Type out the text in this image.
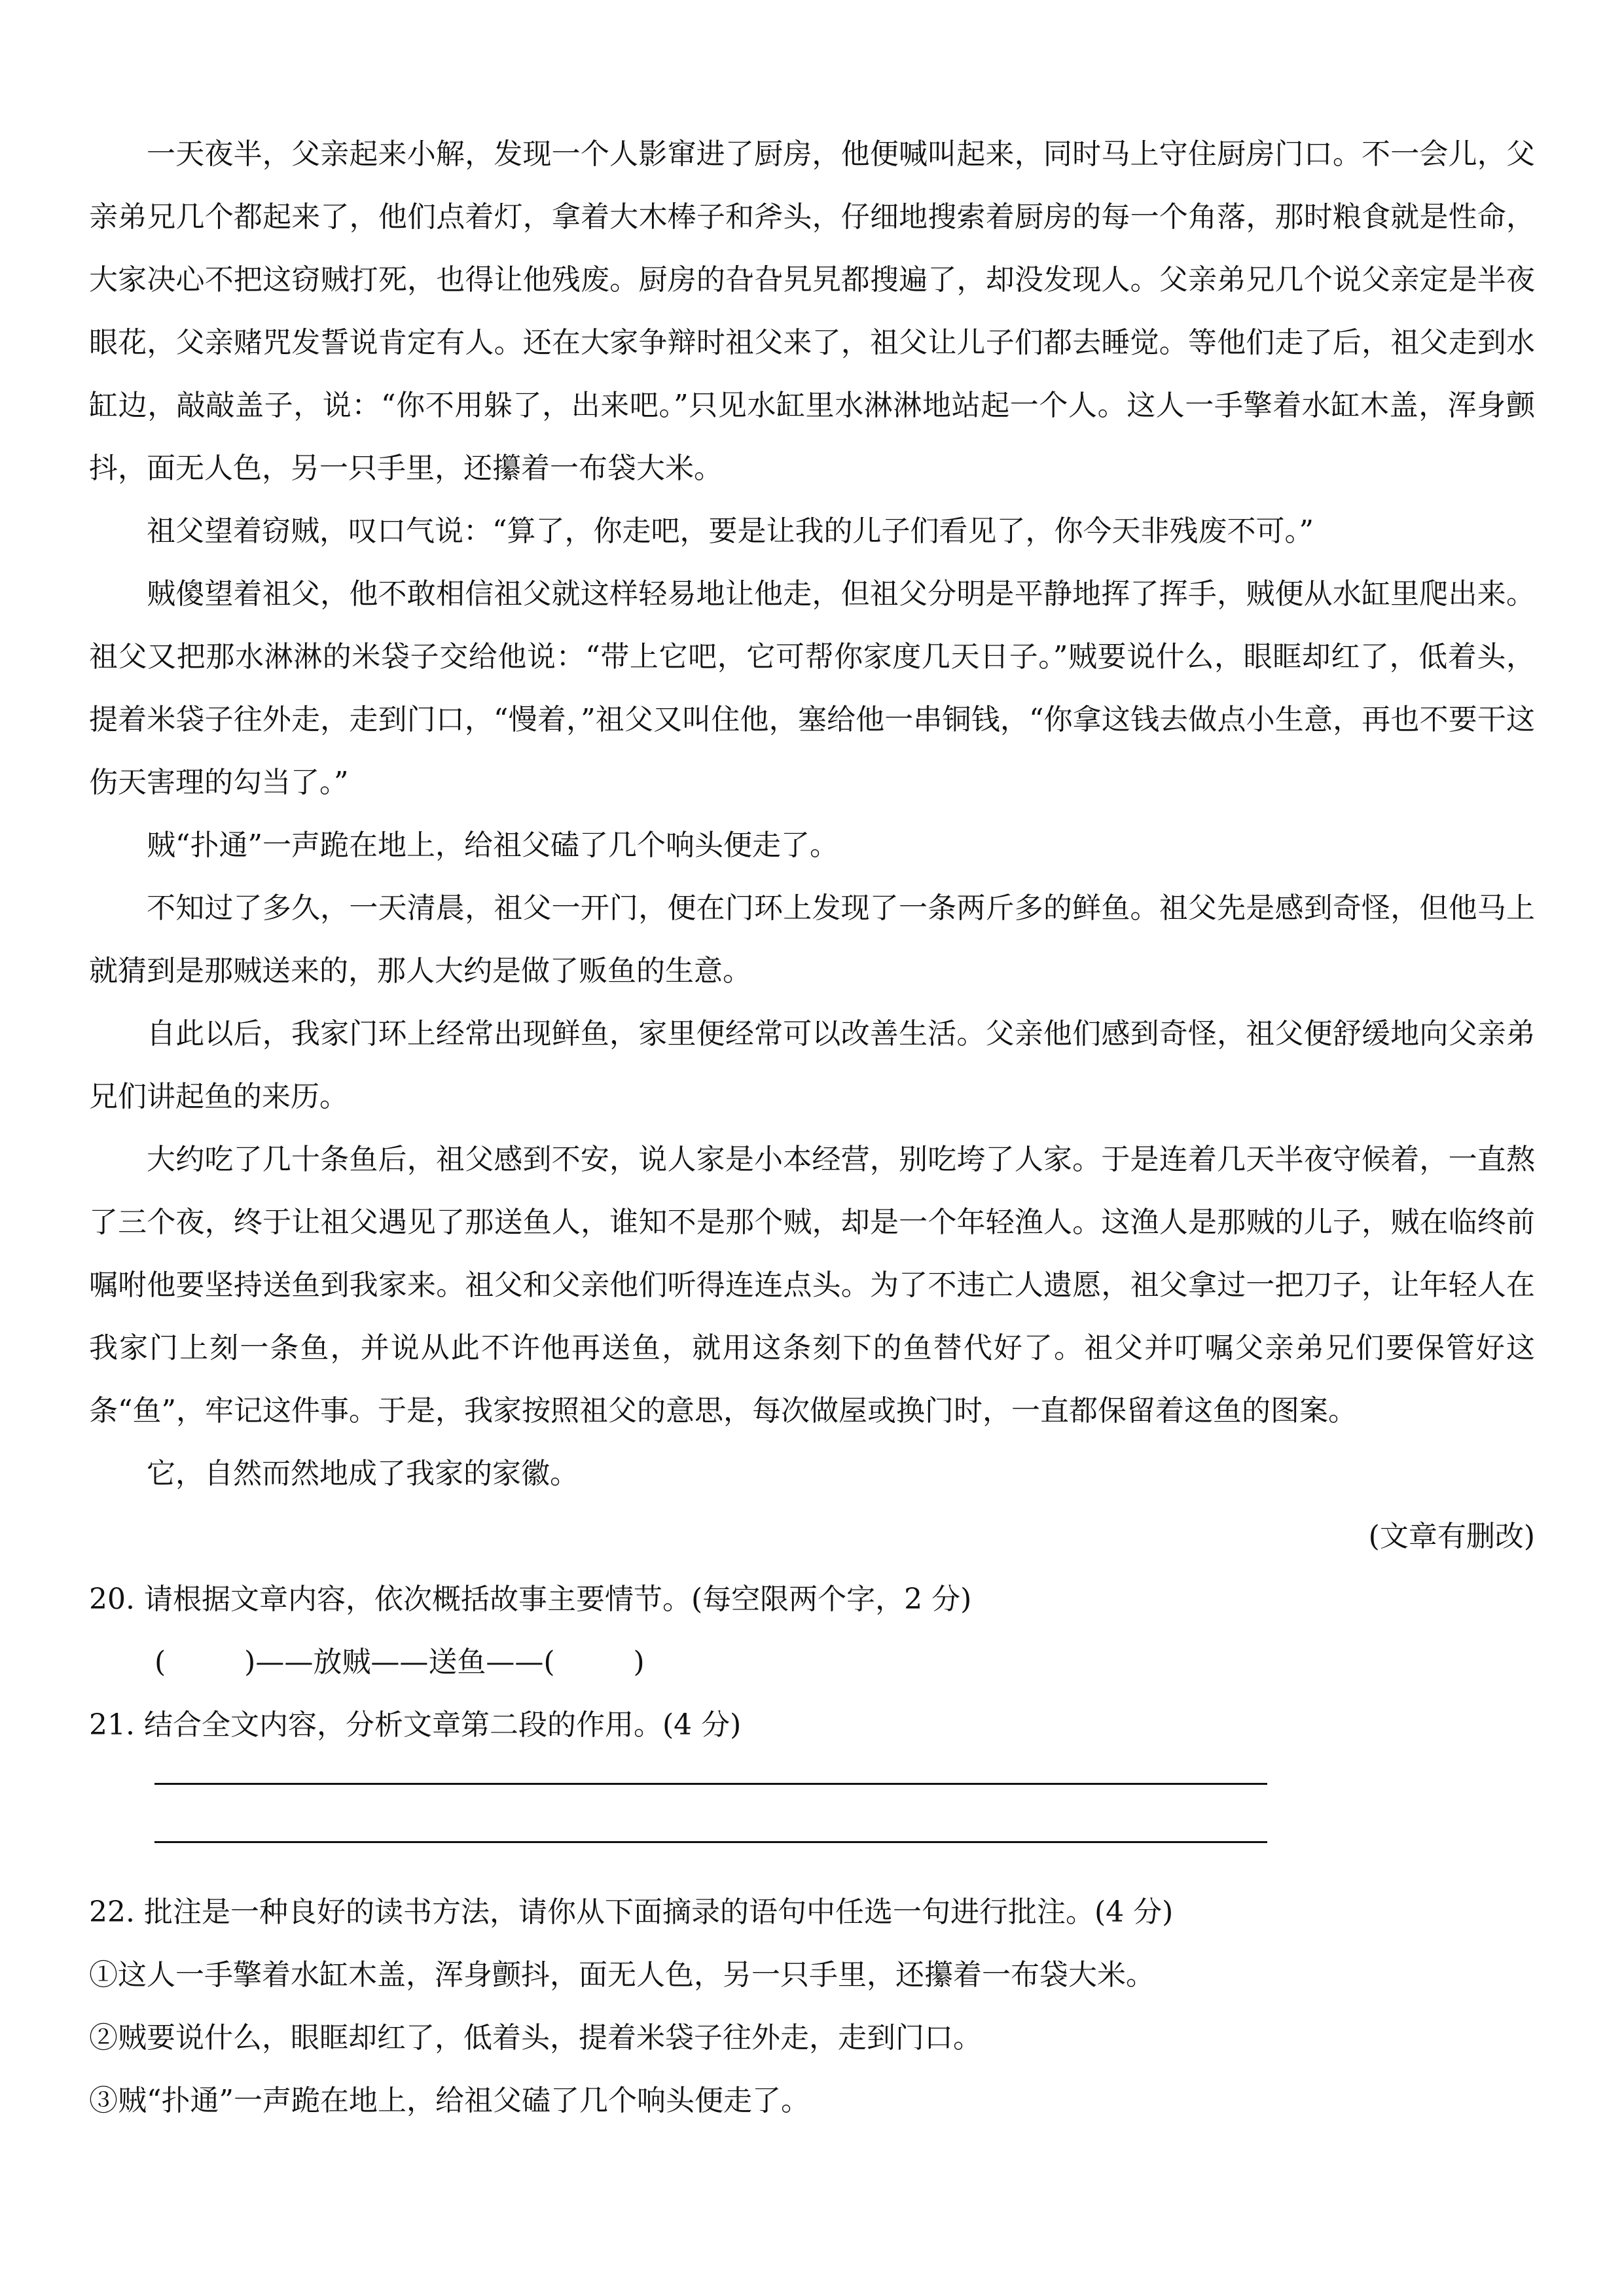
一天夜半，父亲起来小解，发现一个人影窜进了厨房，他便喊叫起来，同时马上守住厨房门口。不一会儿，父亲弟兄几个都起来了，他们点着灯，拿着大木棒子和斧头，仔细地搜索着厨房的每一个角落，那时粮食就是性命，大家决心不把这窃贼打死，也得让他残废。厨房的旮旮旯旯都搜遍了，却没发现人。父亲弟兄几个说父亲定是半夜眼花，父亲赌咒发誓说肯定有人。还在大家争辩时祖父来了，祖父让儿子们都去睡觉。等他们走了后，祖父走到水缸边，敲敲盖子，说：“你不用躲了，出来吧。”只见水缸里水淋淋地站起一个人。这人一手擎着水缸木盖，浑身颤抖，面无人色，另一只手里，还攥着一布袋大米。

祖父望着窃贼，叹口气说：“算了，你走吧，要是让我的儿子们看见了，你今天非残废不可。”

贼傻望着祖父，他不敢相信祖父就这样轻易地让他走，但祖父分明是平静地挥了挥手，贼便从水缸里爬出来。祖父又把那水淋淋的米袋子交给他说：“带上它吧，它可帮你家度几天日子。”贼要说什么，眼眶却红了，低着头，提着米袋子往外走，走到门口，“慢着，”祖父又叫住他，塞给他一串铜钱，“你拿这钱去做点小生意，再也不要干这伤天害理的勾当了。”

贼“扑通”一声跪在地上，给祖父磕了几个响头便走了。

不知过了多久，一天清晨，祖父一开门，便在门环上发现了一条两斤多的鲜鱼。祖父先是感到奇怪，但他马上就猜到是那贼送来的，那人大约是做了贩鱼的生意。

自此以后，我家门环上经常出现鲜鱼，家里便经常可以改善生活。父亲他们感到奇怪，祖父便舒缓地向父亲弟兄们讲起鱼的来历。

大约吃了几十条鱼后，祖父感到不安，说人家是小本经营，别吃垮了人家。于是连着几天半夜守候着，一直熬了三个夜，终于让祖父遇见了那送鱼人，谁知不是那个贼，却是一个年轻渔人。这渔人是那贼的儿子，贼在临终前嘱咐他要坚持送鱼到我家来。祖父和父亲他们听得连连点头。为了不违亡人遗愿，祖父拿过一把刀子，让年轻人在我家门上刻一条鱼，并说从此不许他再送鱼，就用这条刻下的鱼替代好了。祖父并叮嘱父亲弟兄们要保管好这条“鱼”，牢记这件事。于是，我家按照祖父的意思，每次做屋或换门时，一直都保留着这鱼的图案。

它，自然而然地成了我家的家徽。

(文章有删改)

20. 请根据文章内容，依次概括故事主要情节。(每空限两个字，2 分)

(	)——放贼——送鱼——(	)

21. 结合全文内容，分析文章第二段的作用。(4 分)

22. 批注是一种良好的读书方法，请你从下面摘录的语句中任选一句进行批注。(4 分)

①这人一手擎着水缸木盖，浑身颤抖，面无人色，另一只手里，还攥着一布袋大米。

②贼要说什么，眼眶却红了，低着头，提着米袋子往外走，走到门口。

③贼“扑通”一声跪在地上，给祖父磕了几个响头便走了。
